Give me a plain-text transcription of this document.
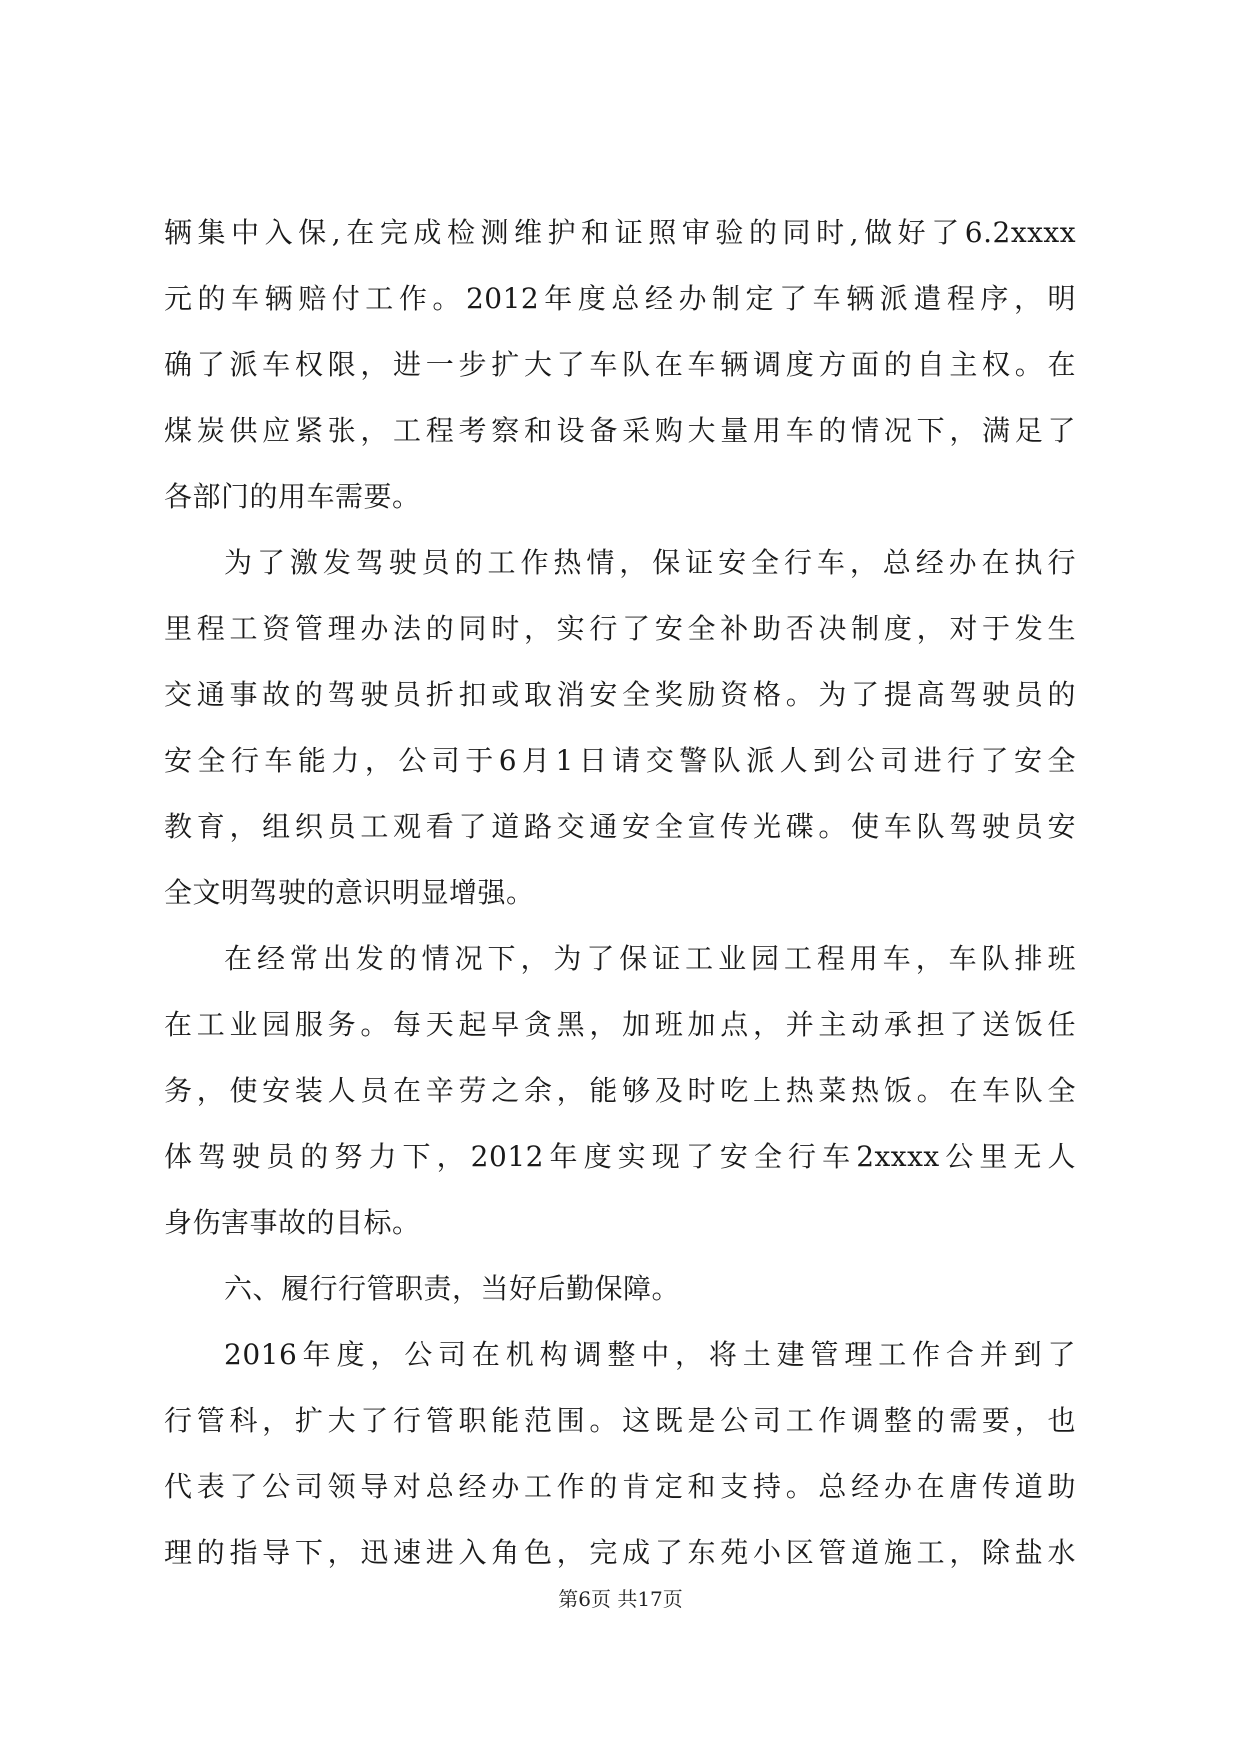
辆集中入保,在完成检测维护和证照审验的同时,做好了6.2xxxx
元的车辆赔付工作。2012年度总经办制定了车辆派遣程序，明
确了派车权限，进一步扩大了车队在车辆调度方面的自主权。在
煤炭供应紧张，工程考察和设备采购大量用车的情况下，满足了
各部门的用车需要。
为了激发驾驶员的工作热情，保证安全行车，总经办在执行
里程工资管理办法的同时，实行了安全补助否决制度，对于发生
交通事故的驾驶员折扣或取消安全奖励资格。为了提高驾驶员的
安全行车能力，公司于6月1日请交警队派人到公司进行了安全
教育，组织员工观看了道路交通安全宣传光碟。使车队驾驶员安
全文明驾驶的意识明显增强。
在经常出发的情况下，为了保证工业园工程用车，车队排班
在工业园服务。每天起早贪黑，加班加点，并主动承担了送饭任
务，使安装人员在辛劳之余，能够及时吃上热菜热饭。在车队全
体驾驶员的努力下，2012年度实现了安全行车2xxxx公里无人
身伤害事故的目标。
六、履行行管职责，当好后勤保障。
2016年度，公司在机构调整中，将土建管理工作合并到了
行管科，扩大了行管职能范围。这既是公司工作调整的需要，也
代表了公司领导对总经办工作的肯定和支持。总经办在唐传道助
理的指导下，迅速进入角色，完成了东苑小区管道施工，除盐水
第6页 共17页
